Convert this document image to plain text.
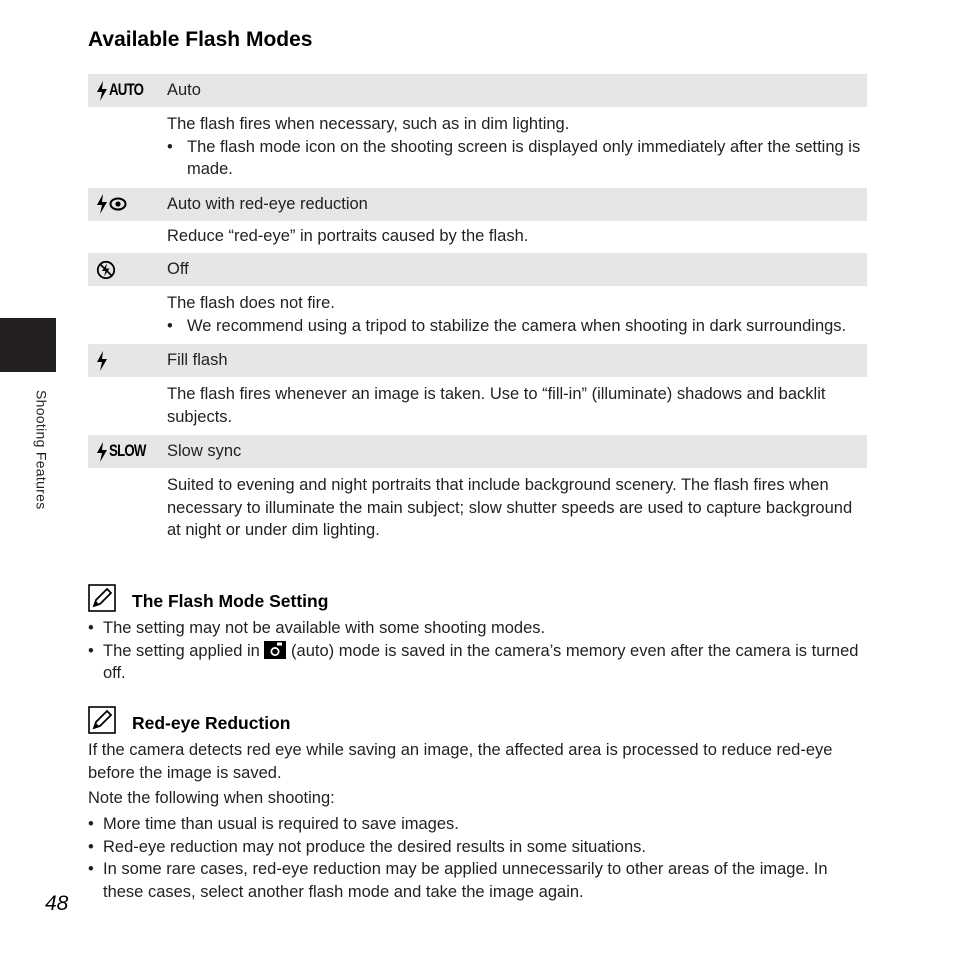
Available Flash Modes
AUTO Auto

The flash fires when necessary, such as in dim lighting.

• The flash mode icon on the shooting screen is displayed only immediately after the setting is made.

Auto with red-eye reduction

Reduce “red-eye” in portraits caused by the flash.

Off

The flash does not fire.

• We recommend using a tripod to stabilize the camera when shooting in dark surroundings.

Fill flash

The flash fires whenever an image is taken. Use to “fill-in” (illuminate) shadows and backlit subjects.

SLOW Slow sync

Suited to evening and night portraits that include background scenery. The flash fires when necessary to illuminate the main subject; slow shutter speeds are used to capture background at night or under dim lighting.

The Flash Mode Setting

• The setting may not be available with some shooting modes.

• The setting applied in (auto) mode is saved in the camera’s memory even after the camera is turned off.

Red-eye Reduction

If the camera detects red eye while saving an image, the affected area is processed to reduce red-eye before the image is saved.

Note the following when shooting:

• More time than usual is required to save images.

• Red-eye reduction may not produce the desired results in some situations.

• In some rare cases, red-eye reduction may be applied unnecessarily to other areas of the image. In these cases, select another flash mode and take the image again.

Shooting Features
48
